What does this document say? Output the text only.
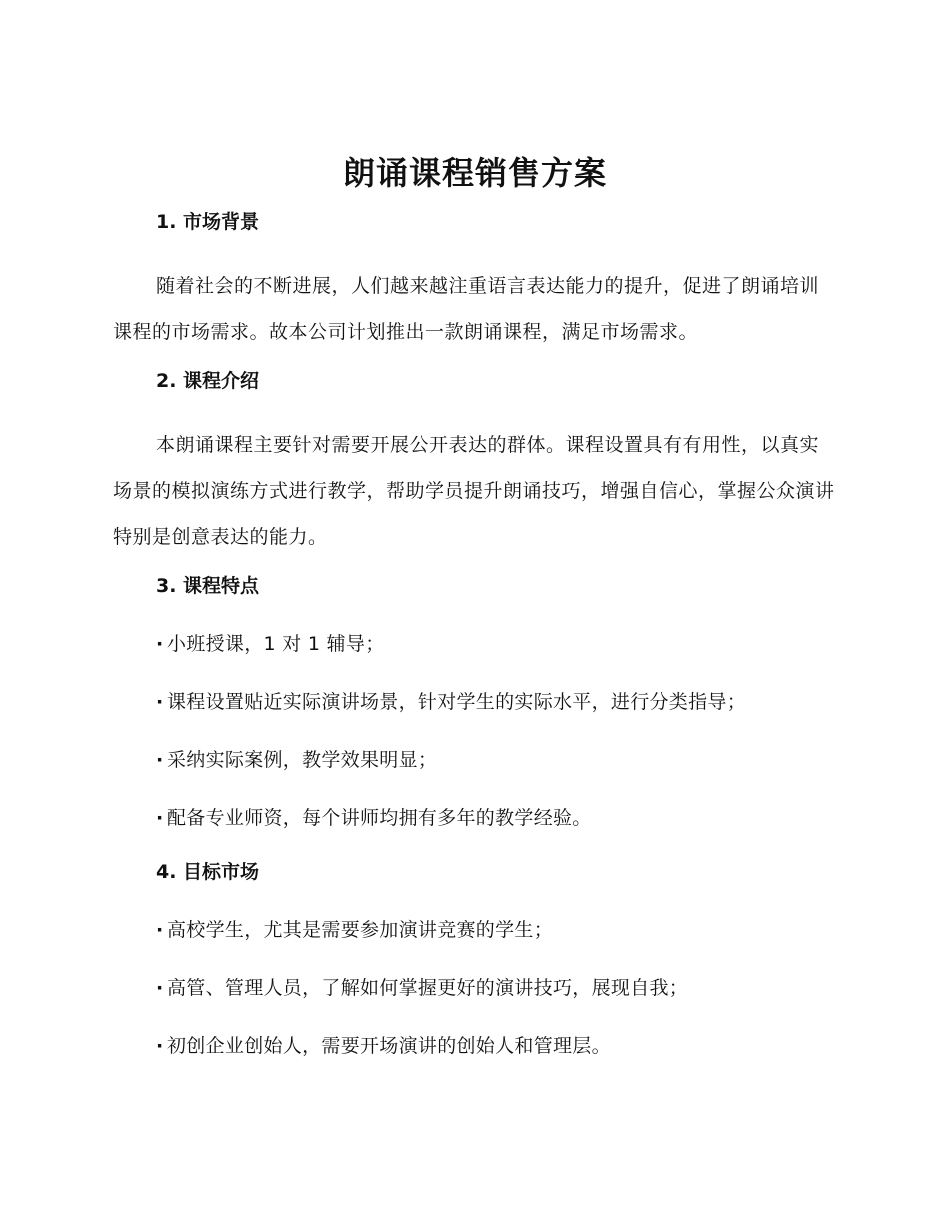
朗诵课程销售方案
1. 市场背景

随着社会的不断进展，人们越来越注重语言表达能力的提升，促进了朗诵培训课程的市场需求。故本公司计划推出一款朗诵课程，满足市场需求。

2. 课程介绍

本朗诵课程主要针对需要开展公开表达的群体。课程设置具有有用性，以真实场景的模拟演练方式进行教学，帮助学员提升朗诵技巧，增强自信心，掌握公众演讲特别是创意表达的能力。

3. 课程特点
· 小班授课，1 对 1 辅导；
· 课程设置贴近实际演讲场景，针对学生的实际水平，进行分类指导；
· 采纳实际案例，教学效果明显；
· 配备专业师资，每个讲师均拥有多年的教学经验。
4. 目标市场
· 高校学生，尤其是需要参加演讲竞赛的学生；
· 高管、管理人员，了解如何掌握更好的演讲技巧，展现自我；
· 初创企业创始人，需要开场演讲的创始人和管理层。
